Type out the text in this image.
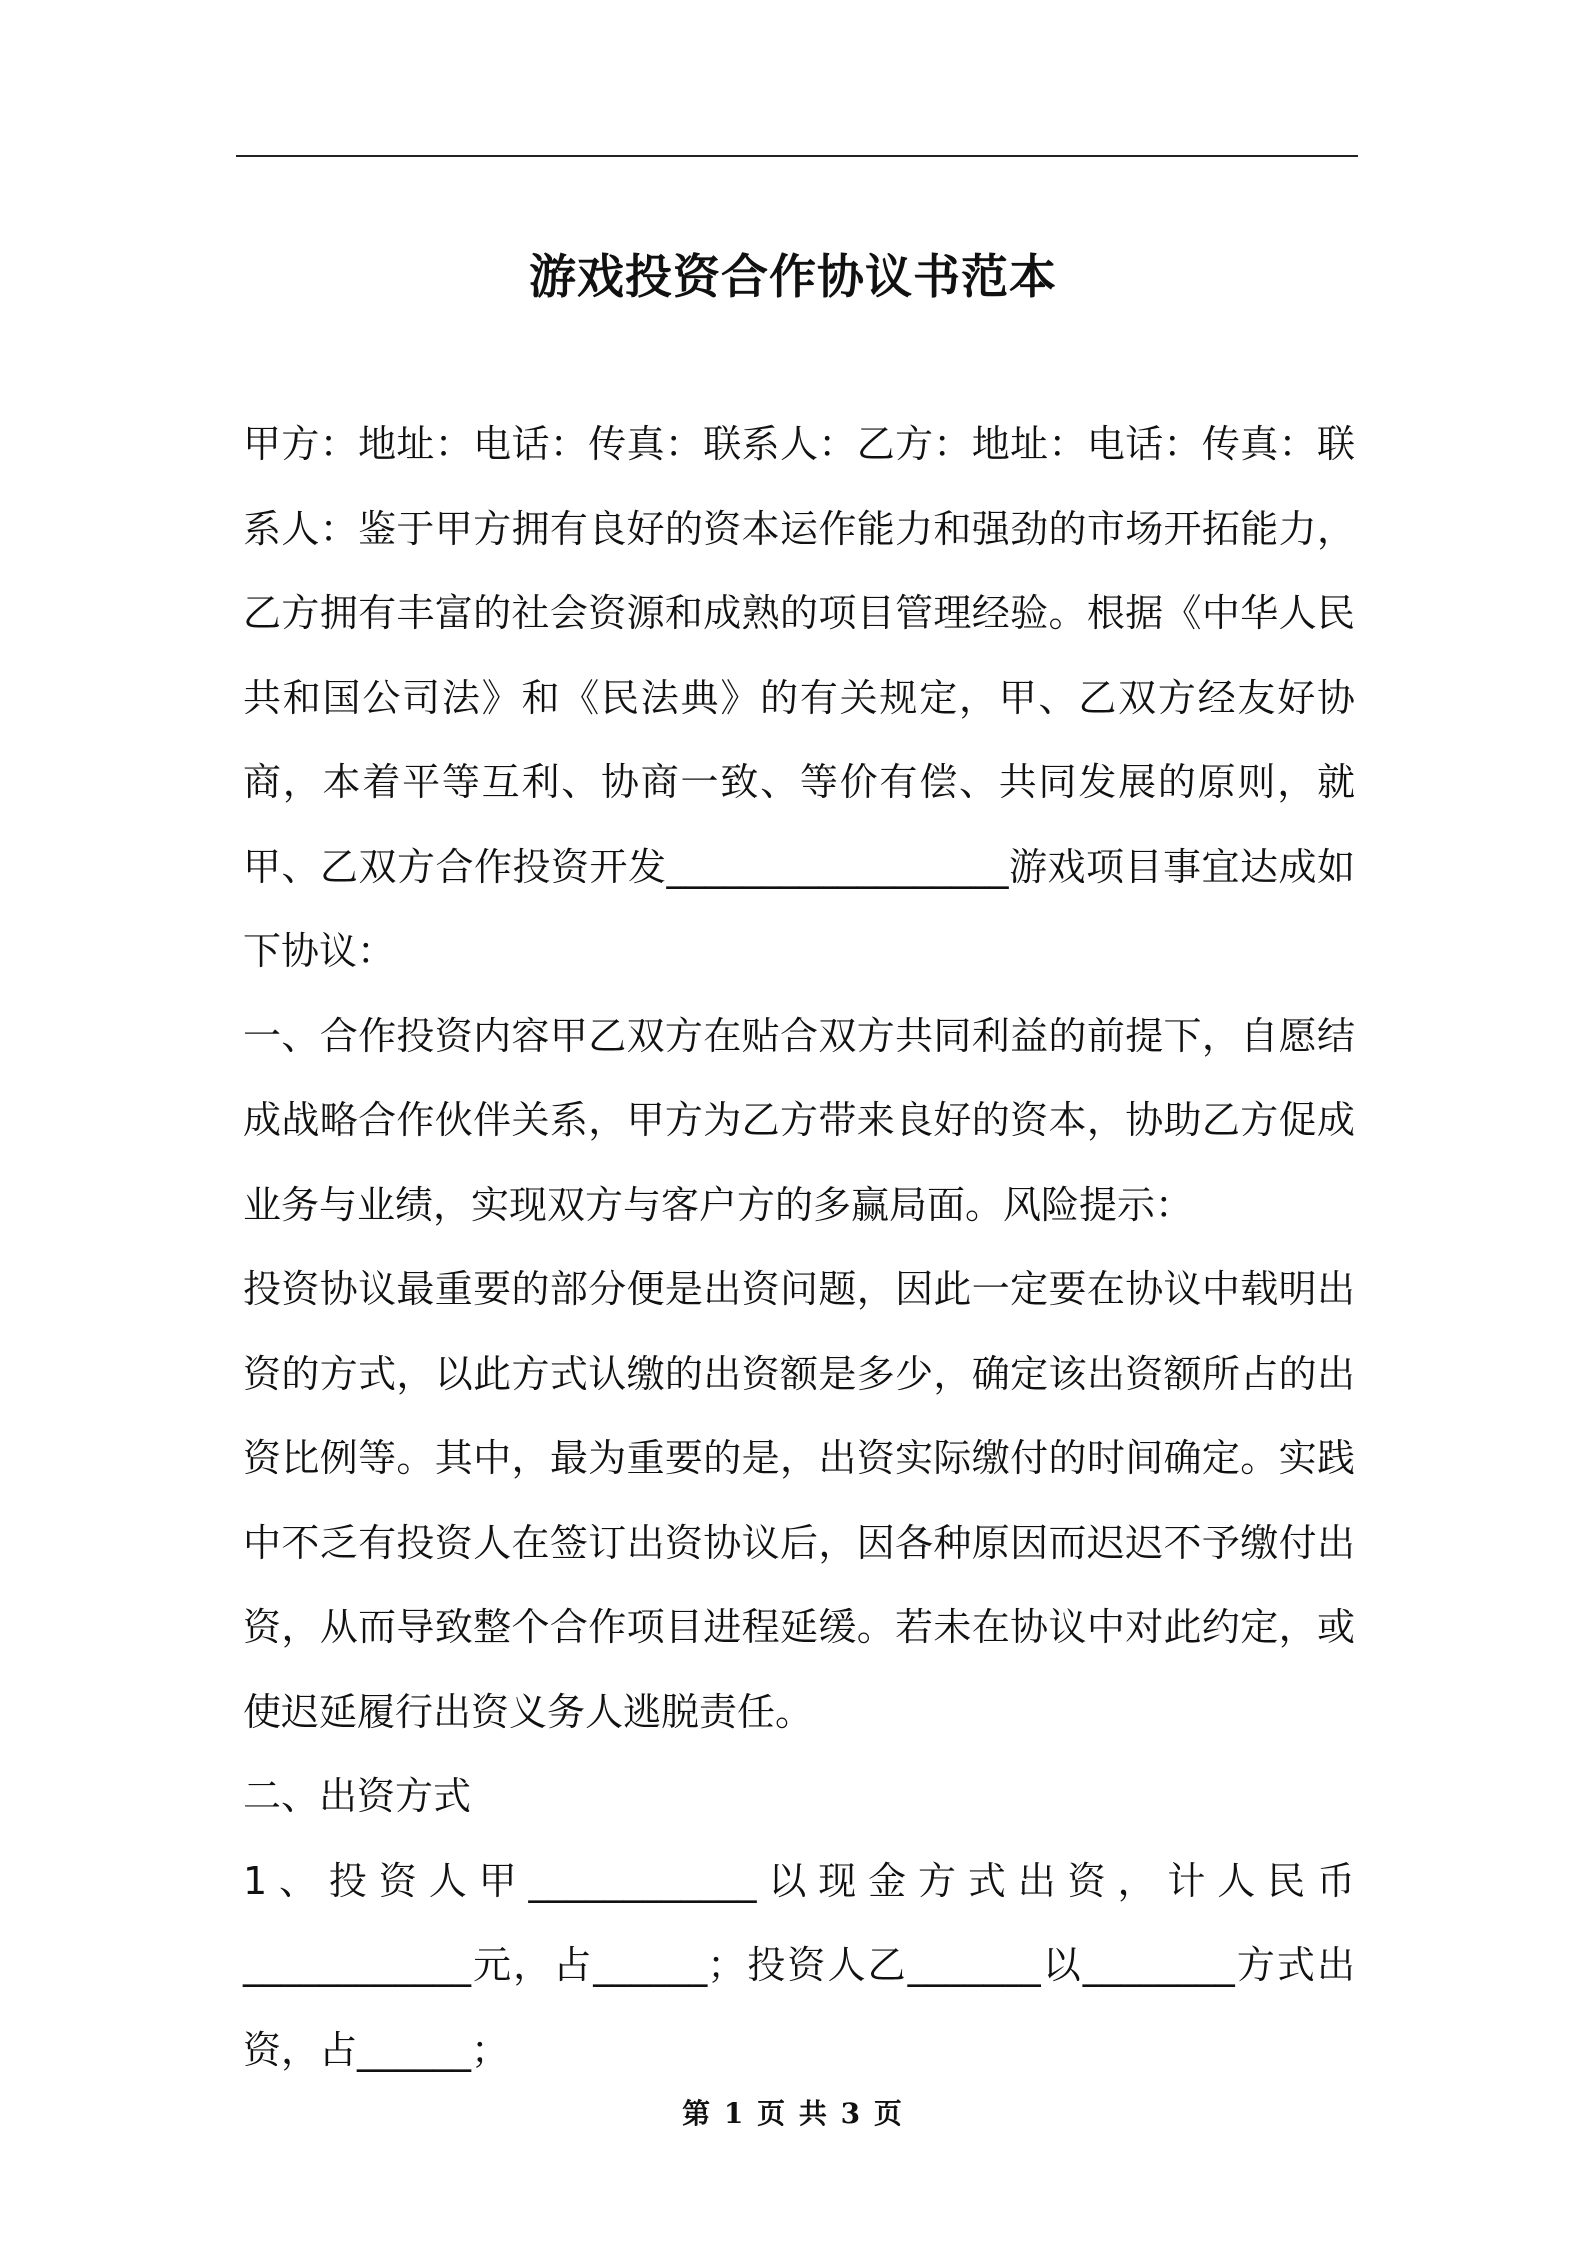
游戏投资合作协议书范本

甲方：地址：电话：传真：联系人：乙方：地址：电话：传真：联系人：鉴于甲方拥有良好的资本运作能力和强劲的市场开拓能力，乙方拥有丰富的社会资源和成熟的项目管理经验。根据《中华人民共和国公司法》和《民法典》的有关规定，甲、乙双方经友好协商，本着平等互利、协商一致、等价有偿、共同发展的原则，就甲、乙双方合作投资开发__________________游戏项目事宜达成如下协议：

一、合作投资内容甲乙双方在贴合双方共同利益的前提下，自愿结成战略合作伙伴关系，甲方为乙方带来良好的资本，协助乙方促成业务与业绩，实现双方与客户方的多赢局面。风险提示：

投资协议最重要的部分便是出资问题，因此一定要在协议中载明出资的方式，以此方式认缴的出资额是多少，确定该出资额所占的出资比例等。其中，最为重要的是，出资实际缴付的时间确定。实践中不乏有投资人在签订出资协议后，因各种原因而迟迟不予缴付出资，从而导致整个合作项目进程延缓。若未在协议中对此约定，或使迟延履行出资义务人逃脱责任。

二、出资方式

1、投资人甲____________以现金方式出资，计人民币

____________元，占______；投资人乙_______以________方式出资，占______；

第 1 页 共 3 页
